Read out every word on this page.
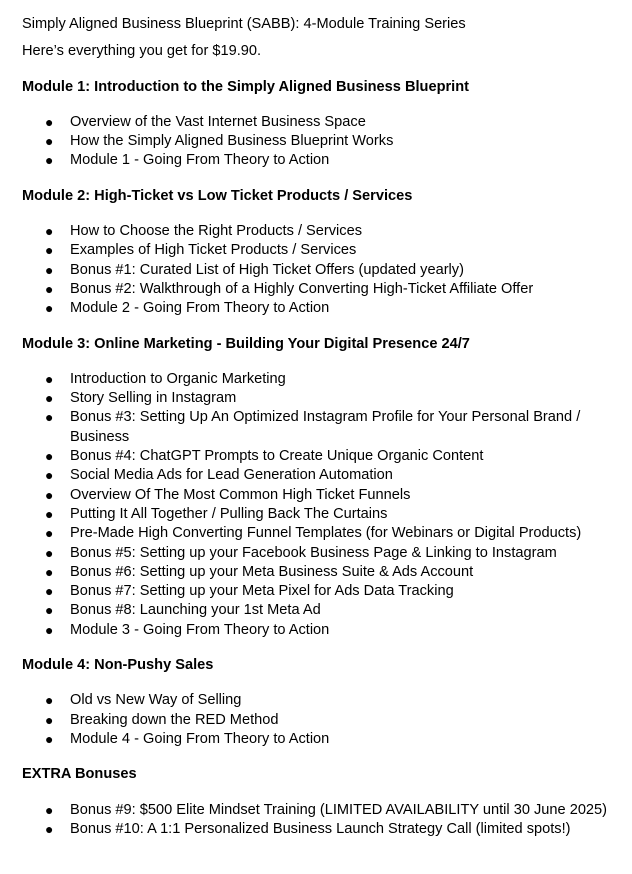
Simply Aligned Business Blueprint (SABB): 4-Module Training Series

Here’s everything you get for $19.90.

Module 1: Introduction to the Simply Aligned Business Blueprint
● Overview of the Vast Internet Business Space
● How the Simply Aligned Business Blueprint Works
● Module 1 - Going From Theory to Action
Module 2: High-Ticket vs Low Ticket Products / Services
● How to Choose the Right Products / Services
● Examples of High Ticket Products / Services
● Bonus #1: Curated List of High Ticket Offers (updated yearly)
● Bonus #2: Walkthrough of a Highly Converting High-Ticket Affiliate Offer
● Module 2 - Going From Theory to Action
Module 3: Online Marketing - Building Your Digital Presence 24/7
● Introduction to Organic Marketing
● Story Selling in Instagram
● Bonus #3: Setting Up An Optimized Instagram Profile for Your Personal Brand / Business
● Bonus #4: ChatGPT Prompts to Create Unique Organic Content
● Social Media Ads for Lead Generation Automation
● Overview Of The Most Common High Ticket Funnels
● Putting It All Together / Pulling Back The Curtains
● Pre-Made High Converting Funnel Templates (for Webinars or Digital Products)
● Bonus #5: Setting up your Facebook Business Page & Linking to Instagram
● Bonus #6: Setting up your Meta Business Suite & Ads Account
● Bonus #7: Setting up your Meta Pixel for Ads Data Tracking
● Bonus #8: Launching your 1st Meta Ad
● Module 3 - Going From Theory to Action
Module 4: Non-Pushy Sales
● Old vs New Way of Selling
● Breaking down the RED Method
● Module 4 - Going From Theory to Action
EXTRA Bonuses
● Bonus #9: $500 Elite Mindset Training (LIMITED AVAILABILITY until 30 June 2025)
● Bonus #10: A 1:1 Personalized Business Launch Strategy Call (limited spots!)
